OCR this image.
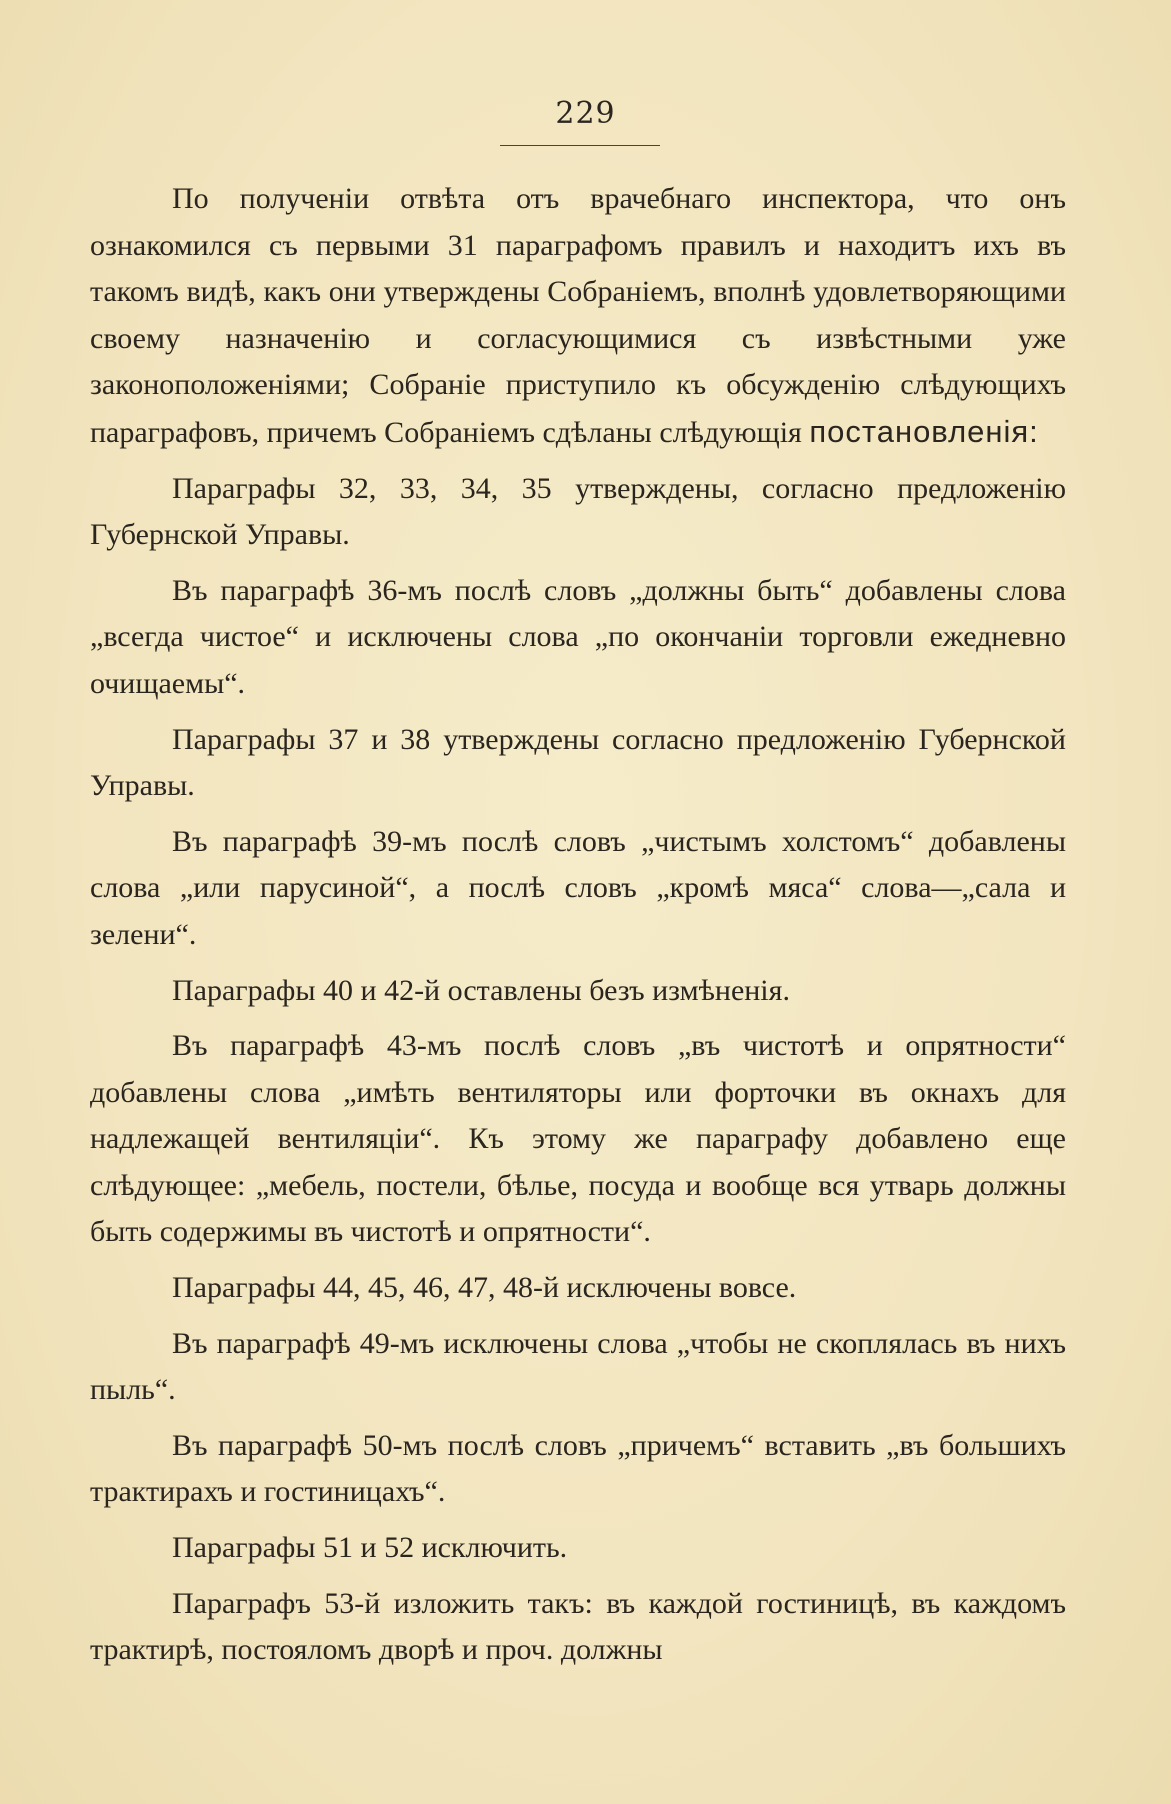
229

По полученіи отвѣта отъ врачебнаго инспектора, что онъ ознакомился съ первыми 31 параграфомъ правилъ и находитъ ихъ въ такомъ видѣ, какъ они утверждены Собраніемъ, вполнѣ удовлетворяющими своему назначенію и согласующимися съ извѣстными уже законоположеніями; Собраніе приступило къ обсужденію слѣдующихъ параграфовъ, причемъ Собраніемъ сдѣланы слѣдующія постановленія:

Параграфы 32, 33, 34, 35 утверждены, согласно предложенію Губернской Управы.

Въ параграфѣ 36-мъ послѣ словъ „должны быть“ добавлены слова „всегда чистое“ и исключены слова „по окончаніи торговли ежедневно очищаемы“.

Параграфы 37 и 38 утверждены согласно предложенію Губернской Управы.

Въ параграфѣ 39-мъ послѣ словъ „чистымъ холстомъ“ добавлены слова „или парусиной“, а послѣ словъ „кромѣ мяса“ слова—„сала и зелени“.

Параграфы 40 и 42-й оставлены безъ измѣненія.

Въ параграфѣ 43-мъ послѣ словъ „въ чистотѣ и опрятности“ добавлены слова „имѣть вентиляторы или форточки въ окнахъ для надлежащей вентиляціи“. Къ этому же параграфу добавлено еще слѣдующее: „мебель, постели, бѣлье, посуда и вообще вся утварь должны быть содержимы въ чистотѣ и опрятности“.

Параграфы 44, 45, 46, 47, 48-й исключены вовсе.

Въ параграфѣ 49-мъ исключены слова „чтобы не скоплялась въ нихъ пыль“.

Въ параграфѣ 50-мъ послѣ словъ „причемъ“ вставить „въ большихъ трактирахъ и гостиницахъ“.

Параграфы 51 и 52 исключить.

Параграфъ 53-й изложить такъ: въ каждой гостиницѣ, въ каждомъ трактирѣ, постояломъ дворѣ и проч. должны
